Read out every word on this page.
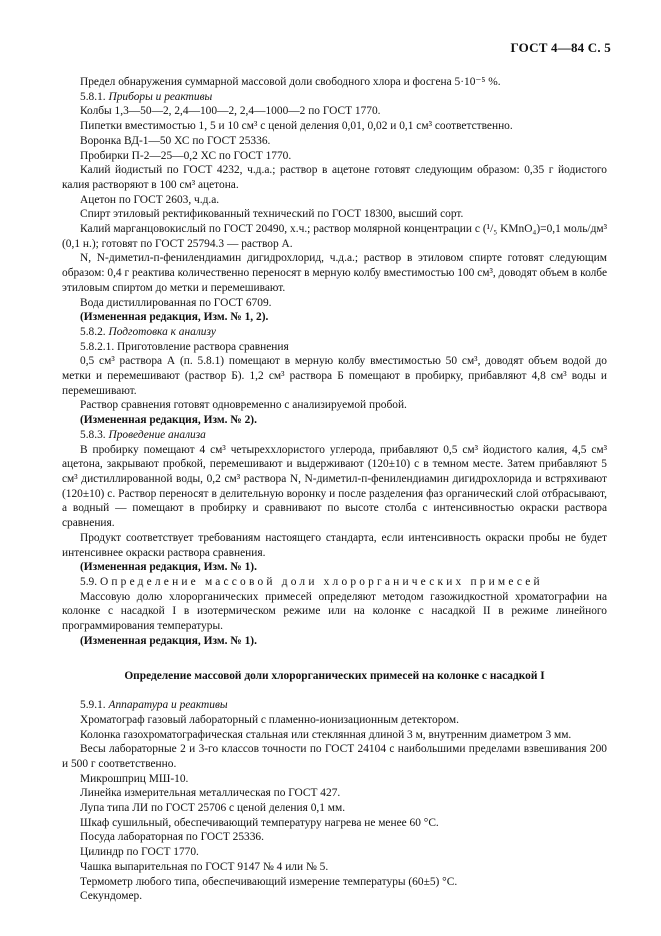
ГОСТ 4—84 С. 5

Предел обнаружения суммарной массовой доли свободного хлора и фосгена 5·10⁻⁵ %.

5.8.1. Приборы и реактивы

Колбы 1,3—50—2, 2,4—100—2, 2,4—1000—2 по ГОСТ 1770.

Пипетки вместимостью 1, 5 и 10 см³ с ценой деления 0,01, 0,02 и 0,1 см³ соответственно.

Воронка ВД-1—50 ХС по ГОСТ 25336.

Пробирки П-2—25—0,2 ХС по ГОСТ 1770.

Калий йодистый по ГОСТ 4232, ч.д.а.; раствор в ацетоне готовят следующим образом: 0,35 г йодистого калия растворяют в 100 см³ ацетона.

Ацетон по ГОСТ 2603, ч.д.а.

Спирт этиловый ректификованный технический по ГОСТ 18300, высший сорт.

Калий марганцовокислый по ГОСТ 20490, х.ч.; раствор молярной концентрации c (¹/₅ KMnO₄)=0,1 моль/дм³ (0,1 н.); готовят по ГОСТ 25794.3 — раствор А.

N, N-диметил-п-фенилендиамин дигидрохлорид, ч.д.а.; раствор в этиловом спирте готовят следующим образом: 0,4 г реактива количественно переносят в мерную колбу вместимостью 100 см³, доводят объем в колбе этиловым спиртом до метки и перемешивают.

Вода дистиллированная по ГОСТ 6709.

(Измененная редакция, Изм. № 1, 2).

5.8.2. Подготовка к анализу

5.8.2.1. Приготовление раствора сравнения

0,5 см³ раствора А (п. 5.8.1) помещают в мерную колбу вместимостью 50 см³, доводят объем водой до метки и перемешивают (раствор Б). 1,2 см³ раствора Б помещают в пробирку, прибавляют 4,8 см³ воды и перемешивают.

Раствор сравнения готовят одновременно с анализируемой пробой.

(Измененная редакция, Изм. № 2).

5.8.3. Проведение анализа

В пробирку помещают 4 см³ четыреххлористого углерода, прибавляют 0,5 см³ йодистого калия, 4,5 см³ ацетона, закрывают пробкой, перемешивают и выдерживают (120±10) с в темном месте. Затем прибавляют 5 см³ дистиллированной воды, 0,2 см³ раствора N, N-диметил-п-фенилендиамин дигидрохлорида и встряхивают (120±10) с. Раствор переносят в делительную воронку и после разделения фаз органический слой отбрасывают, а водный — помещают в пробирку и сравнивают по высоте столба с интенсивностью окраски раствора сравнения.

Продукт соответствует требованиям настоящего стандарта, если интенсивность окраски пробы не будет интенсивнее окраски раствора сравнения.

(Измененная редакция, Изм. № 1).

5.9. Определение массовой доли хлорорганических примесей

Массовую долю хлорорганических примесей определяют методом газожидкостной хроматографии на колонке с насадкой I в изотермическом режиме или на колонке с насадкой II в режиме линейного программирования температуры.

(Измененная редакция, Изм. № 1).

Определение массовой доли хлорорганических примесей на колонке с насадкой I

5.9.1. Аппаратура и реактивы

Хроматограф газовый лабораторный с пламенно-ионизационным детектором.

Колонка газохроматографическая стальная или стеклянная длиной 3 м, внутренним диаметром 3 мм.

Весы лабораторные 2 и 3-го классов точности по ГОСТ 24104 с наибольшими пределами взвешивания 200 и 500 г соответственно.

Микрошприц МШ-10.

Линейка измерительная металлическая по ГОСТ 427.

Лупа типа ЛИ по ГОСТ 25706 с ценой деления 0,1 мм.

Шкаф сушильный, обеспечивающий температуру нагрева не менее 60 °С.

Посуда лабораторная по ГОСТ 25336.

Цилиндр по ГОСТ 1770.

Чашка выпарительная по ГОСТ 9147 № 4 или № 5.

Термометр любого типа, обеспечивающий измерение температуры (60±5) °С.

Секундомер.
